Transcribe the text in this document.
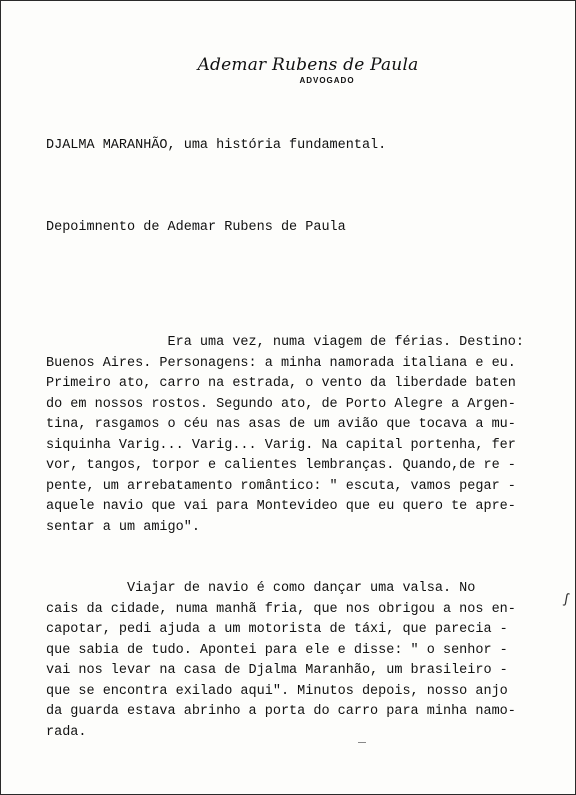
Ademar Rubens de Paula
ADVOGADO
DJALMA MARANHÃO, uma história fundamental.
Depoimnento de Ademar Rubens de Paula

Era uma vez, numa viagem de férias. Destino:
Buenos Aires. Personagens: a minha namorada italiana e eu.
Primeiro ato, carro na estrada, o vento da liberdade baten
do em nossos rostos. Segundo ato, de Porto Alegre a Argen-
tina, rasgamos o céu nas asas de um avião que tocava a mu-
siquinha Varig... Varig... Varig. Na capital portenha, fer
vor, tangos, torpor e calientes lembranças. Quando,de re -
pente, um arrebatamento romântico: " escuta, vamos pegar -
aquele navio que vai para Montevideo que eu quero te apre-
sentar a um amigo".

Viajar de navio é como dançar uma valsa. No
cais da cidade, numa manhã fria, que nos obrigou a nos en-
capotar, pedi ajuda a um motorista de táxi, que parecia -
que sabia de tudo. Apontei para ele e disse: " o senhor -
vai nos levar na casa de Djalma Maranhão, um brasileiro -
que se encontra exilado aqui". Minutos depois, nosso anjo
da guarda estava abrinho a porta do carro para minha namo-
rada.

ʃ
